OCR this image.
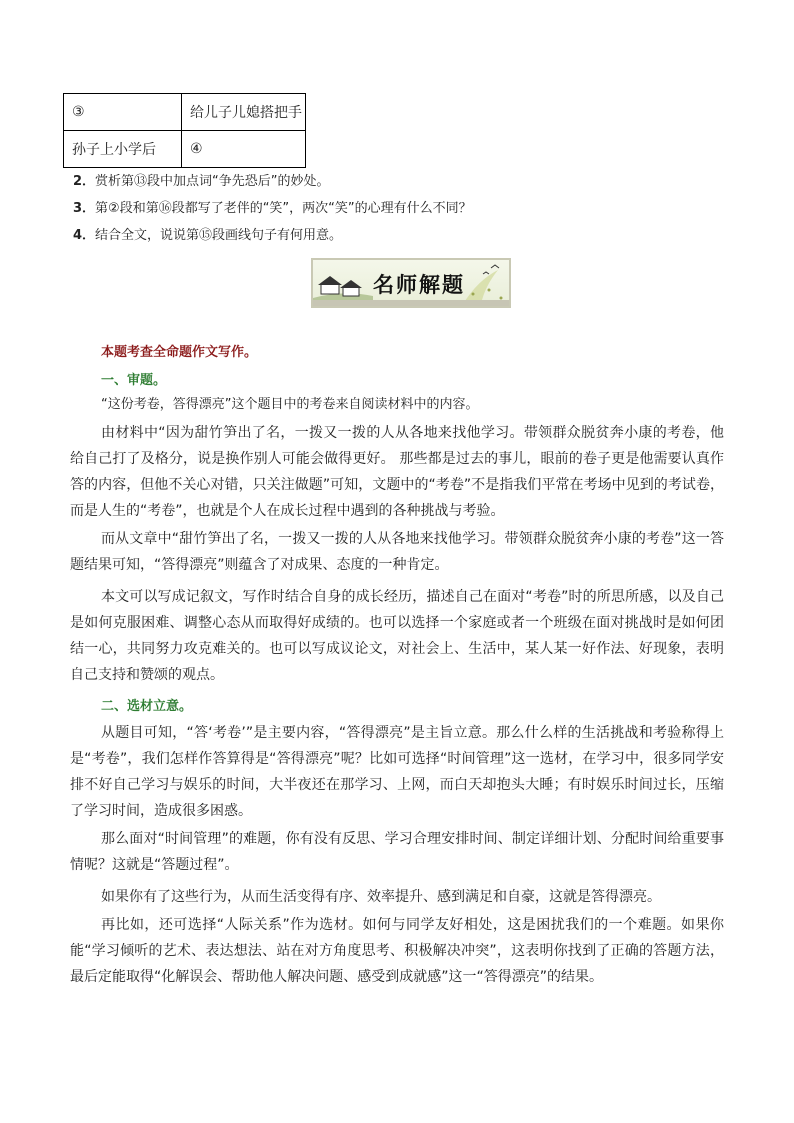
③	给儿子儿媳搭把手
孙子上小学后	④
2．赏析第⑬段中加点词“争先恐后”的妙处。
3．第②段和第⑯段都写了老伴的“笑”，两次“笑”的心理有什么不同？
4．结合全文，说说第⑮段画线句子有何用意。
名师解题
本题考查全命题作文写作。
一、审题。
“这份考卷，答得漂亮”这个题目中的考卷来自阅读材料中的内容。
由材料中“因为甜竹笋出了名，一拨又一拨的人从各地来找他学习。带领群众脱贫奔小康的考卷，他给自己打了及格分，说是换作别人可能会做得更好。 那些都是过去的事儿，眼前的卷子更是他需要认真作答的内容，但他不关心对错，只关注做题”可知，文题中的“考卷”不是指我们平常在考场中见到的考试卷，而是人生的“考卷”，也就是个人在成长过程中遇到的各种挑战与考验。
而从文章中“甜竹笋出了名，一拨又一拨的人从各地来找他学习。带领群众脱贫奔小康的考卷”这一答题结果可知，“答得漂亮”则蕴含了对成果、态度的一种肯定。
本文可以写成记叙文，写作时结合自身的成长经历，描述自己在面对“考卷”时的所思所感，以及自己是如何克服困难、调整心态从而取得好成绩的。也可以选择一个家庭或者一个班级在面对挑战时是如何团结一心，共同努力攻克难关的。也可以写成议论文，对社会上、生活中，某人某一好作法、好现象，表明自己支持和赞颂的观点。
二、选材立意。
从题目可知，“答‘考卷’”是主要内容，“答得漂亮”是主旨立意。那么什么样的生活挑战和考验称得上是“考卷”，我们怎样作答算得是“答得漂亮”呢？比如可选择“时间管理”这一选材，在学习中，很多同学安排不好自己学习与娱乐的时间，大半夜还在那学习、上网，而白天却抱头大睡；有时娱乐时间过长，压缩了学习时间，造成很多困惑。
那么面对“时间管理”的难题，你有没有反思、学习合理安排时间、制定详细计划、分配时间给重要事情呢？这就是“答题过程”。
如果你有了这些行为，从而生活变得有序、效率提升、感到满足和自豪，这就是答得漂亮。
再比如，还可选择“人际关系”作为选材。如何与同学友好相处，这是困扰我们的一个难题。如果你能“学习倾听的艺术、表达想法、站在对方角度思考、积极解决冲突”，这表明你找到了正确的答题方法，最后定能取得“化解误会、帮助他人解决问题、感受到成就感”这一“答得漂亮”的结果。
